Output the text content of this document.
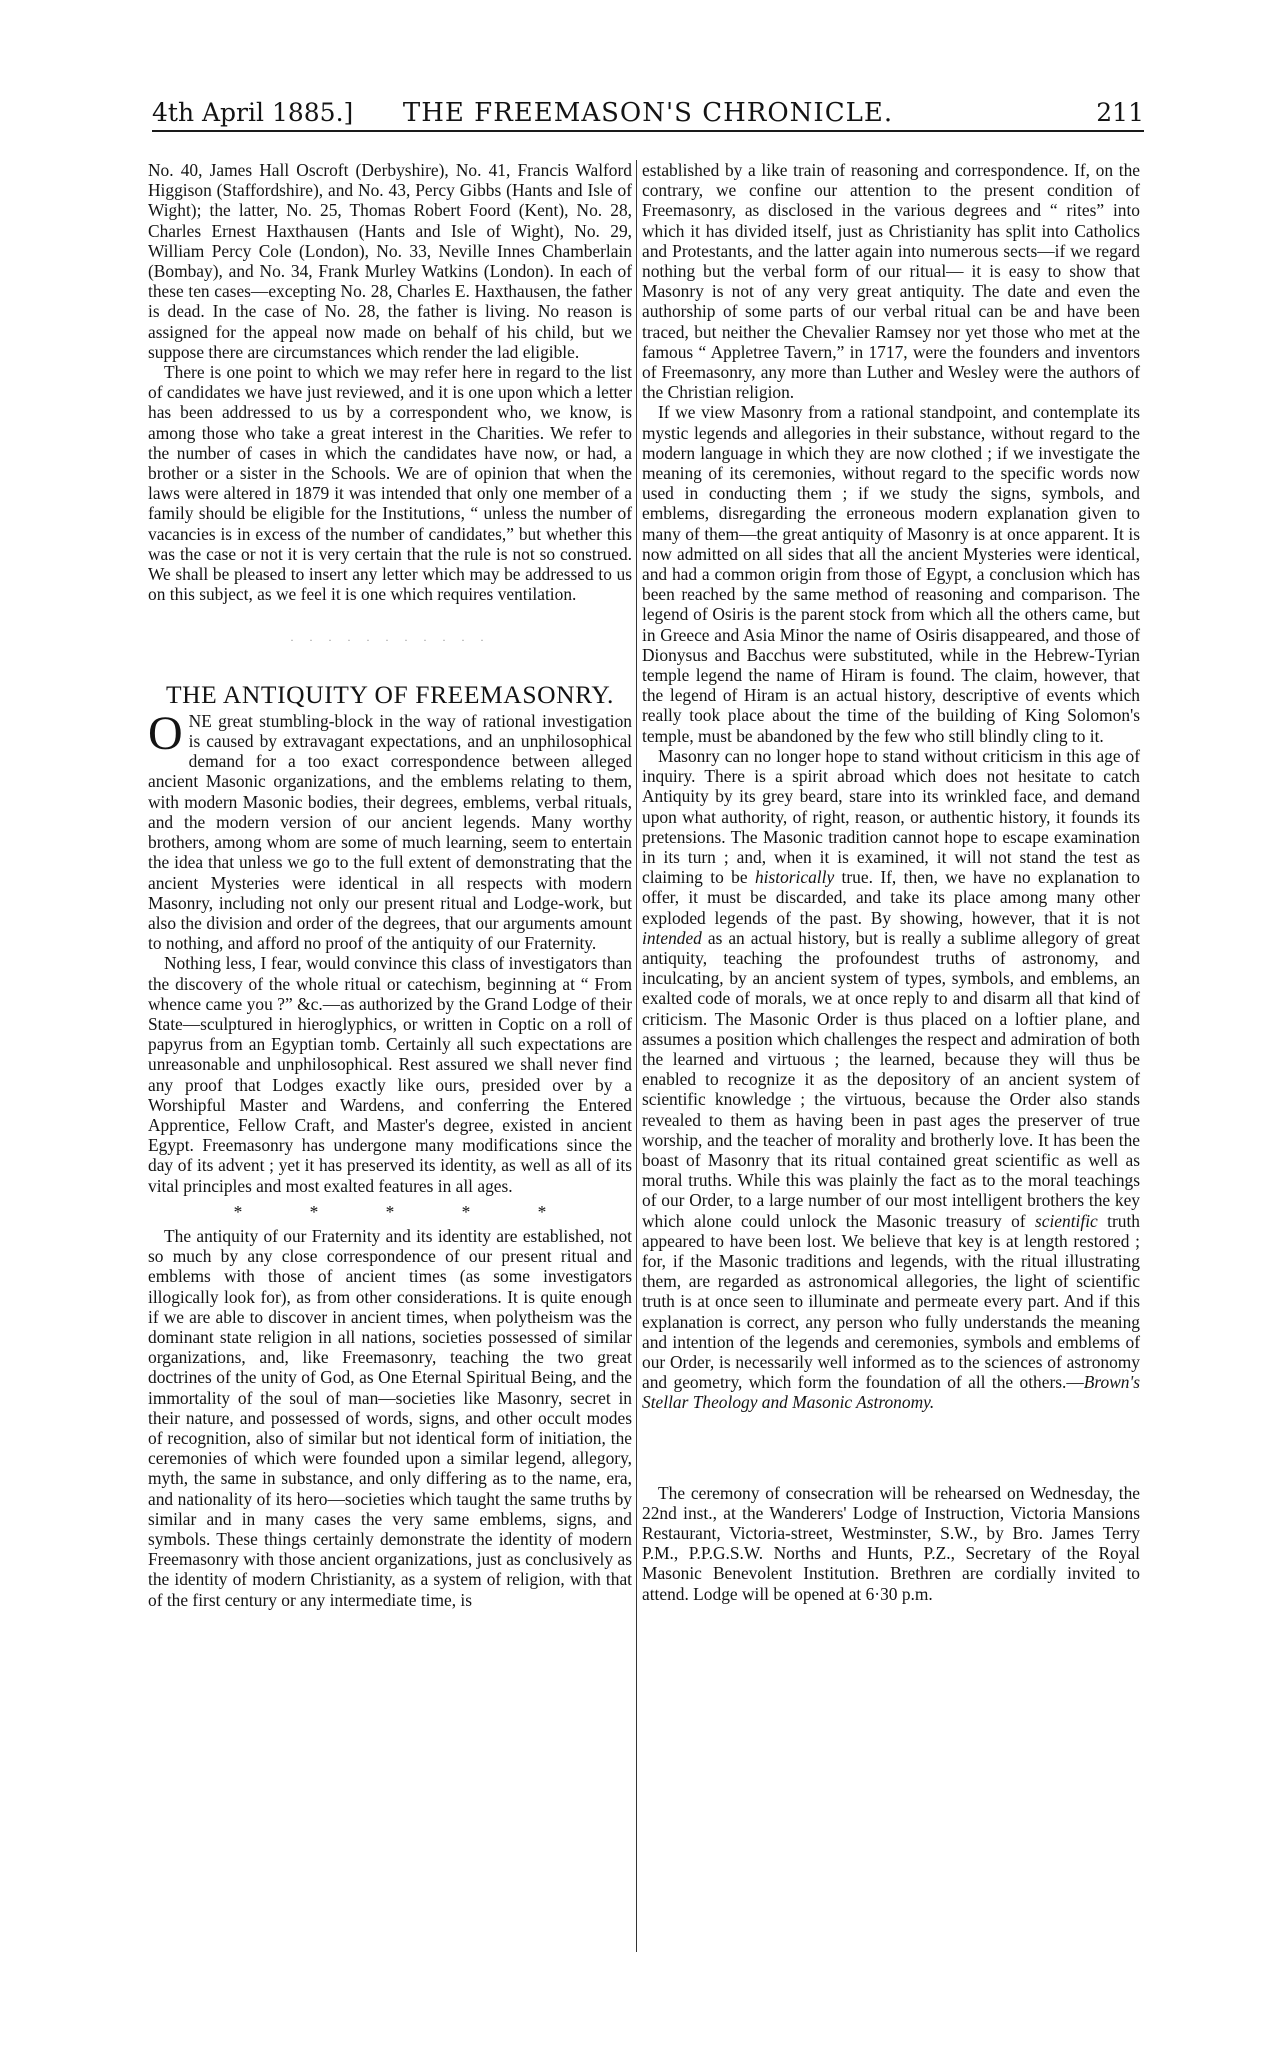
4th April 1885.]	THE FREEMASON'S CHRONICLE.	211

No. 40, James Hall Oscroft (Derbyshire), No. 41, Francis Walford Higgison (Staffordshire), and No. 43, Percy Gibbs (Hants and Isle of Wight); the latter, No. 25, Thomas Robert Foord (Kent), No. 28, Charles Ernest Haxthausen (Hants and Isle of Wight), No. 29, William Percy Cole (London), No. 33, Neville Innes Chamberlain (Bombay), and No. 34, Frank Murley Watkins (London). In each of these ten cases—excepting No. 28, Charles E. Haxthausen, the father is dead. In the case of No. 28, the father is living. No reason is assigned for the appeal now made on behalf of his child, but we suppose there are circumstances which render the lad eligible.

There is one point to which we may refer here in regard to the list of candidates we have just reviewed, and it is one upon which a letter has been addressed to us by a correspondent who, we know, is among those who take a great interest in the Charities. We refer to the number of cases in which the candidates have now, or had, a brother or a sister in the Schools. We are of opinion that when the laws were altered in 1879 it was intended that only one member of a family should be eligible for the Institutions, “ unless the number of vacancies is in excess of the number of candidates,” but whether this was the case or not it is very certain that the rule is not so construed. We shall be pleased to insert any letter which may be addressed to us on this subject, as we feel it is one which requires ventilation.

· · · · · · · · · · ·
THE ANTIQUITY OF FREEMASONRY.

ONE great stumbling-block in the way of rational investigation is caused by extravagant expectations, and an unphilosophical demand for a too exact correspondence between alleged ancient Masonic organizations, and the emblems relating to them, with modern Masonic bodies, their degrees, emblems, verbal rituals, and the modern version of our ancient legends. Many worthy brothers, among whom are some of much learning, seem to entertain the idea that unless we go to the full extent of demonstrating that the ancient Mysteries were identical in all respects with modern Masonry, including not only our present ritual and Lodge-work, but also the division and order of the degrees, that our arguments amount to nothing, and afford no proof of the antiquity of our Fraternity.

Nothing less, I fear, would convince this class of investigators than the discovery of the whole ritual or catechism, beginning at “ From whence came you ?” &c.—as authorized by the Grand Lodge of their State—sculptured in hieroglyphics, or written in Coptic on a roll of papyrus from an Egyptian tomb. Certainly all such expectations are unreasonable and unphilosophical. Rest assured we shall never find any proof that Lodges exactly like ours, presided over by a Worshipful Master and Wardens, and conferring the Entered Apprentice, Fellow Craft, and Master's degree, existed in ancient Egypt. Freemasonry has undergone many modifications since the day of its advent ; yet it has preserved its identity, as well as all of its vital principles and most exalted features in all ages.

*	*	*	*	*

The antiquity of our Fraternity and its identity are established, not so much by any close correspondence of our present ritual and emblems with those of ancient times (as some investigators illogically look for), as from other considerations. It is quite enough if we are able to discover in ancient times, when polytheism was the dominant state religion in all nations, societies possessed of similar organizations, and, like Freemasonry, teaching the two great doctrines of the unity of God, as One Eternal Spiritual Being, and the immortality of the soul of man—societies like Masonry, secret in their nature, and possessed of words, signs, and other occult modes of recognition, also of similar but not identical form of initiation, the ceremonies of which were founded upon a similar legend, allegory, myth, the same in substance, and only differing as to the name, era, and nationality of its hero—societies which taught the same truths by similar and in many cases the very same emblems, signs, and symbols. These things certainly demonstrate the identity of modern Freemasonry with those ancient organizations, just as conclusively as the identity of modern Christianity, as a system of religion, with that of the first century or any intermediate time, is

established by a like train of reasoning and correspondence. If, on the contrary, we confine our attention to the present condition of Freemasonry, as disclosed in the various degrees and “ rites” into which it has divided itself, just as Christianity has split into Catholics and Protestants, and the latter again into numerous sects—if we regard nothing but the verbal form of our ritual— it is easy to show that Masonry is not of any very great antiquity. The date and even the authorship of some parts of our verbal ritual can be and have been traced, but neither the Chevalier Ramsey nor yet those who met at the famous “ Appletree Tavern,” in 1717, were the founders and inventors of Freemasonry, any more than Luther and Wesley were the authors of the Christian religion.

If we view Masonry from a rational standpoint, and contemplate its mystic legends and allegories in their substance, without regard to the modern language in which they are now clothed ; if we investigate the meaning of its ceremonies, without regard to the specific words now used in conducting them ; if we study the signs, symbols, and emblems, disregarding the erroneous modern explanation given to many of them—the great antiquity of Masonry is at once apparent. It is now admitted on all sides that all the ancient Mysteries were identical, and had a common origin from those of Egypt, a conclusion which has been reached by the same method of reasoning and comparison. The legend of Osiris is the parent stock from which all the others came, but in Greece and Asia Minor the name of Osiris disappeared, and those of Dionysus and Bacchus were substituted, while in the Hebrew-Tyrian temple legend the name of Hiram is found. The claim, however, that the legend of Hiram is an actual history, descriptive of events which really took place about the time of the building of King Solomon's temple, must be abandoned by the few who still blindly cling to it.

Masonry can no longer hope to stand without criticism in this age of inquiry. There is a spirit abroad which does not hesitate to catch Antiquity by its grey beard, stare into its wrinkled face, and demand upon what authority, of right, reason, or authentic history, it founds its pretensions. The Masonic tradition cannot hope to escape examination in its turn ; and, when it is examined, it will not stand the test as claiming to be historically true. If, then, we have no explanation to offer, it must be discarded, and take its place among many other exploded legends of the past. By showing, however, that it is not intended as an actual history, but is really a sublime allegory of great antiquity, teaching the profoundest truths of astronomy, and inculcating, by an ancient system of types, symbols, and emblems, an exalted code of morals, we at once reply to and disarm all that kind of criticism. The Masonic Order is thus placed on a loftier plane, and assumes a position which challenges the respect and admiration of both the learned and virtuous ; the learned, because they will thus be enabled to recognize it as the depository of an ancient system of scientific knowledge ; the virtuous, because the Order also stands revealed to them as having been in past ages the preserver of true worship, and the teacher of morality and brotherly love. It has been the boast of Masonry that its ritual contained great scientific as well as moral truths. While this was plainly the fact as to the moral teachings of our Order, to a large number of our most intelligent brothers the key which alone could unlock the Masonic treasury of scientific truth appeared to have been lost. We believe that key is at length restored ; for, if the Masonic traditions and legends, with the ritual illustrating them, are regarded as astronomical allegories, the light of scientific truth is at once seen to illuminate and permeate every part. And if this explanation is correct, any person who fully understands the meaning and intention of the legends and ceremonies, symbols and emblems of our Order, is necessarily well informed as to the sciences of astronomy and geometry, which form the foundation of all the others.—Brown's Stellar Theology and Masonic Astronomy.

The ceremony of consecration will be rehearsed on Wednesday, the 22nd inst., at the Wanderers' Lodge of Instruction, Victoria Mansions Restaurant, Victoria-street, Westminster, S.W., by Bro. James Terry P.M., P.P.G.S.W. Norths and Hunts, P.Z., Secretary of the Royal Masonic Benevolent Institution. Brethren are cordially invited to attend. Lodge will be opened at 6·30 p.m.
